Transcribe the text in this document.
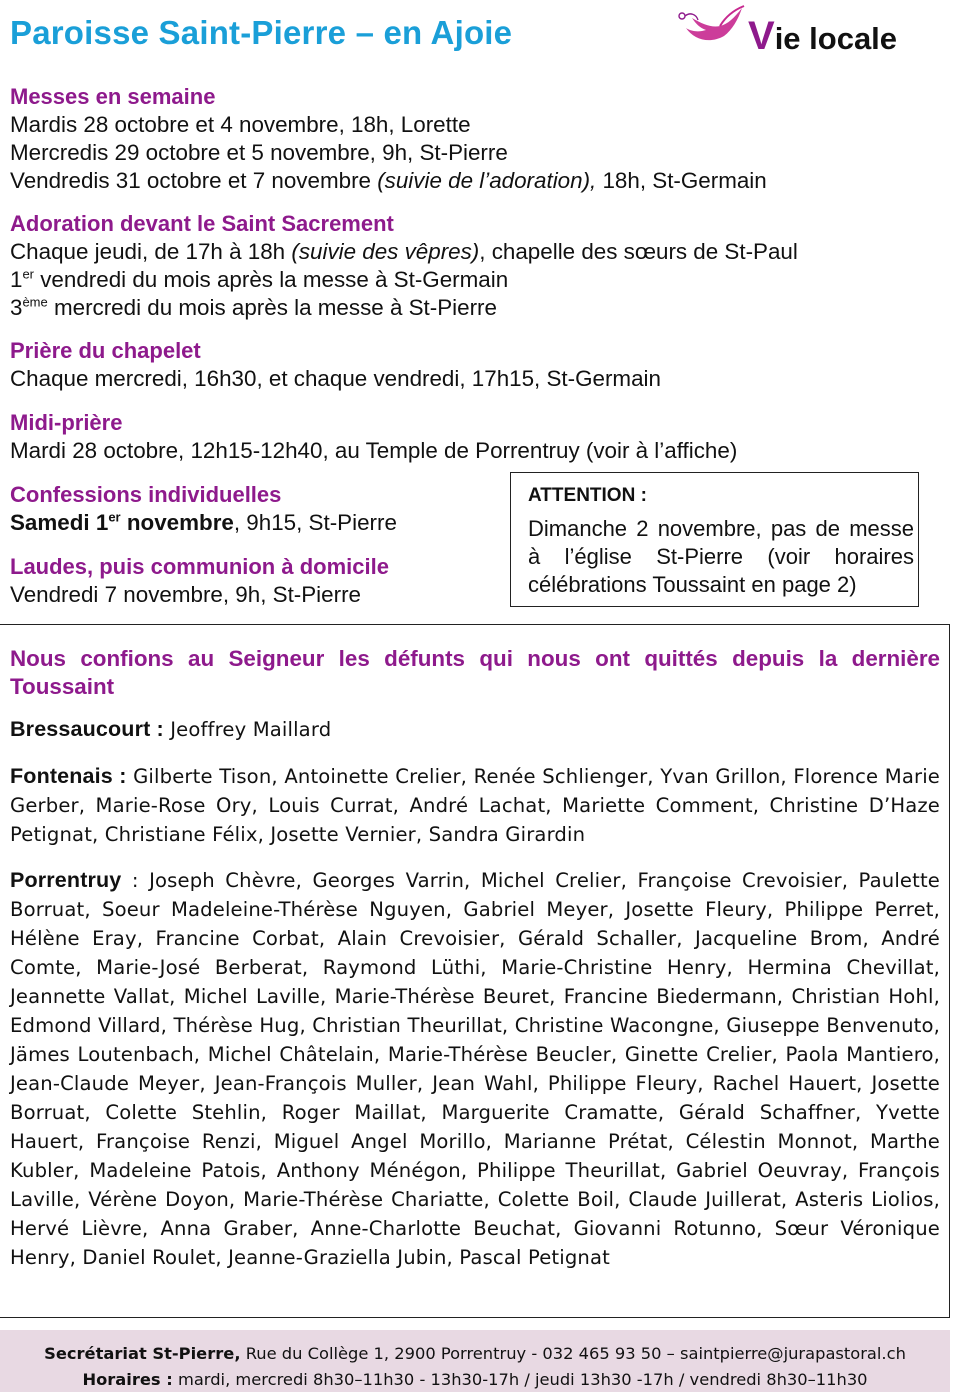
Paroisse Saint-Pierre – en Ajoie	Vie locale
Messes en semaine
Mardis 28 octobre et 4 novembre, 18h, Lorette
Mercredis 29 octobre et 5 novembre, 9h, St-Pierre
Vendredis 31 octobre et 7 novembre (suivie de l’adoration), 18h, St-Germain
Adoration devant le Saint Sacrement
Chaque jeudi, de 17h à 18h (suivie des vêpres), chapelle des sœurs de St-Paul
1er vendredi du mois après la messe à St-Germain
3ème mercredi du mois après la messe à St-Pierre
Prière du chapelet
Chaque mercredi, 16h30, et chaque vendredi, 17h15, St-Germain
Midi-prière
Mardi 28 octobre, 12h15-12h40, au Temple de Porrentruy (voir à l’affiche)
Confessions individuelles
Samedi 1er novembre, 9h15, St-Pierre
Laudes, puis communion à domicile
Vendredi 7 novembre, 9h, St-Pierre
ATTENTION :
Dimanche 2 novembre, pas de messe à l’église St-Pierre (voir horaires célébrations Toussaint en page 2)
Nous confions au Seigneur les défunts qui nous ont quittés depuis la dernière Toussaint
Bressaucourt : Jeoffrey Maillard
Fontenais : Gilberte Tison, Antoinette Crelier, Renée Schlienger, Yvan Grillon, Florence Marie Gerber, Marie-Rose Ory, Louis Currat, André Lachat, Mariette Comment, Christine D’Haze Petignat, Christiane Félix, Josette Vernier, Sandra Girardin
Porrentruy : Joseph Chèvre, Georges Varrin, Michel Crelier, Françoise Crevoisier, Paulette Borruat, Soeur Madeleine-Thérèse Nguyen, Gabriel Meyer, Josette Fleury, Philippe Perret, Hélène Eray, Francine Corbat, Alain Crevoisier, Gérald Schaller, Jacqueline Brom, André Comte, Marie-José Berberat, Raymond Lüthi, Marie-Christine Henry, Hermina Chevillat, Jeannette Vallat, Michel Laville, Marie-Thérèse Beuret, Francine Biedermann, Christian Hohl, Edmond Villard, Thérèse Hug, Christian Theurillat, Christine Wacongne, Giuseppe Benvenuto, Jämes Loutenbach, Michel Châtelain, Marie-Thérèse Beucler, Ginette Crelier, Paola Mantiero, Jean-Claude Meyer, Jean-François Muller, Jean Wahl, Philippe Fleury, Rachel Hauert, Josette Borruat, Colette Stehlin, Roger Maillat, Marguerite Cramatte, Gérald Schaffner, Yvette Hauert, Françoise Renzi, Miguel Angel Morillo, Marianne Prétat, Célestin Monnot, Marthe Kubler, Madeleine Patois, Anthony Ménégon, Philippe Theurillat, Gabriel Oeuvray, François Laville, Vérène Doyon, Marie-Thérèse Chariatte, Colette Boil, Claude Juillerat, Asteris Liolios, Hervé Lièvre, Anna Graber, Anne-Charlotte Beuchat, Giovanni Rotunno, Sœur Véronique Henry, Daniel Roulet, Jeanne-Graziella Jubin, Pascal Petignat
Secrétariat St-Pierre, Rue du Collège 1, 2900 Porrentruy - 032 465 93 50 – saintpierre@jurapastoral.ch
Horaires : mardi, mercredi 8h30–11h30 - 13h30-17h / jeudi 13h30 -17h / vendredi 8h30–11h30
